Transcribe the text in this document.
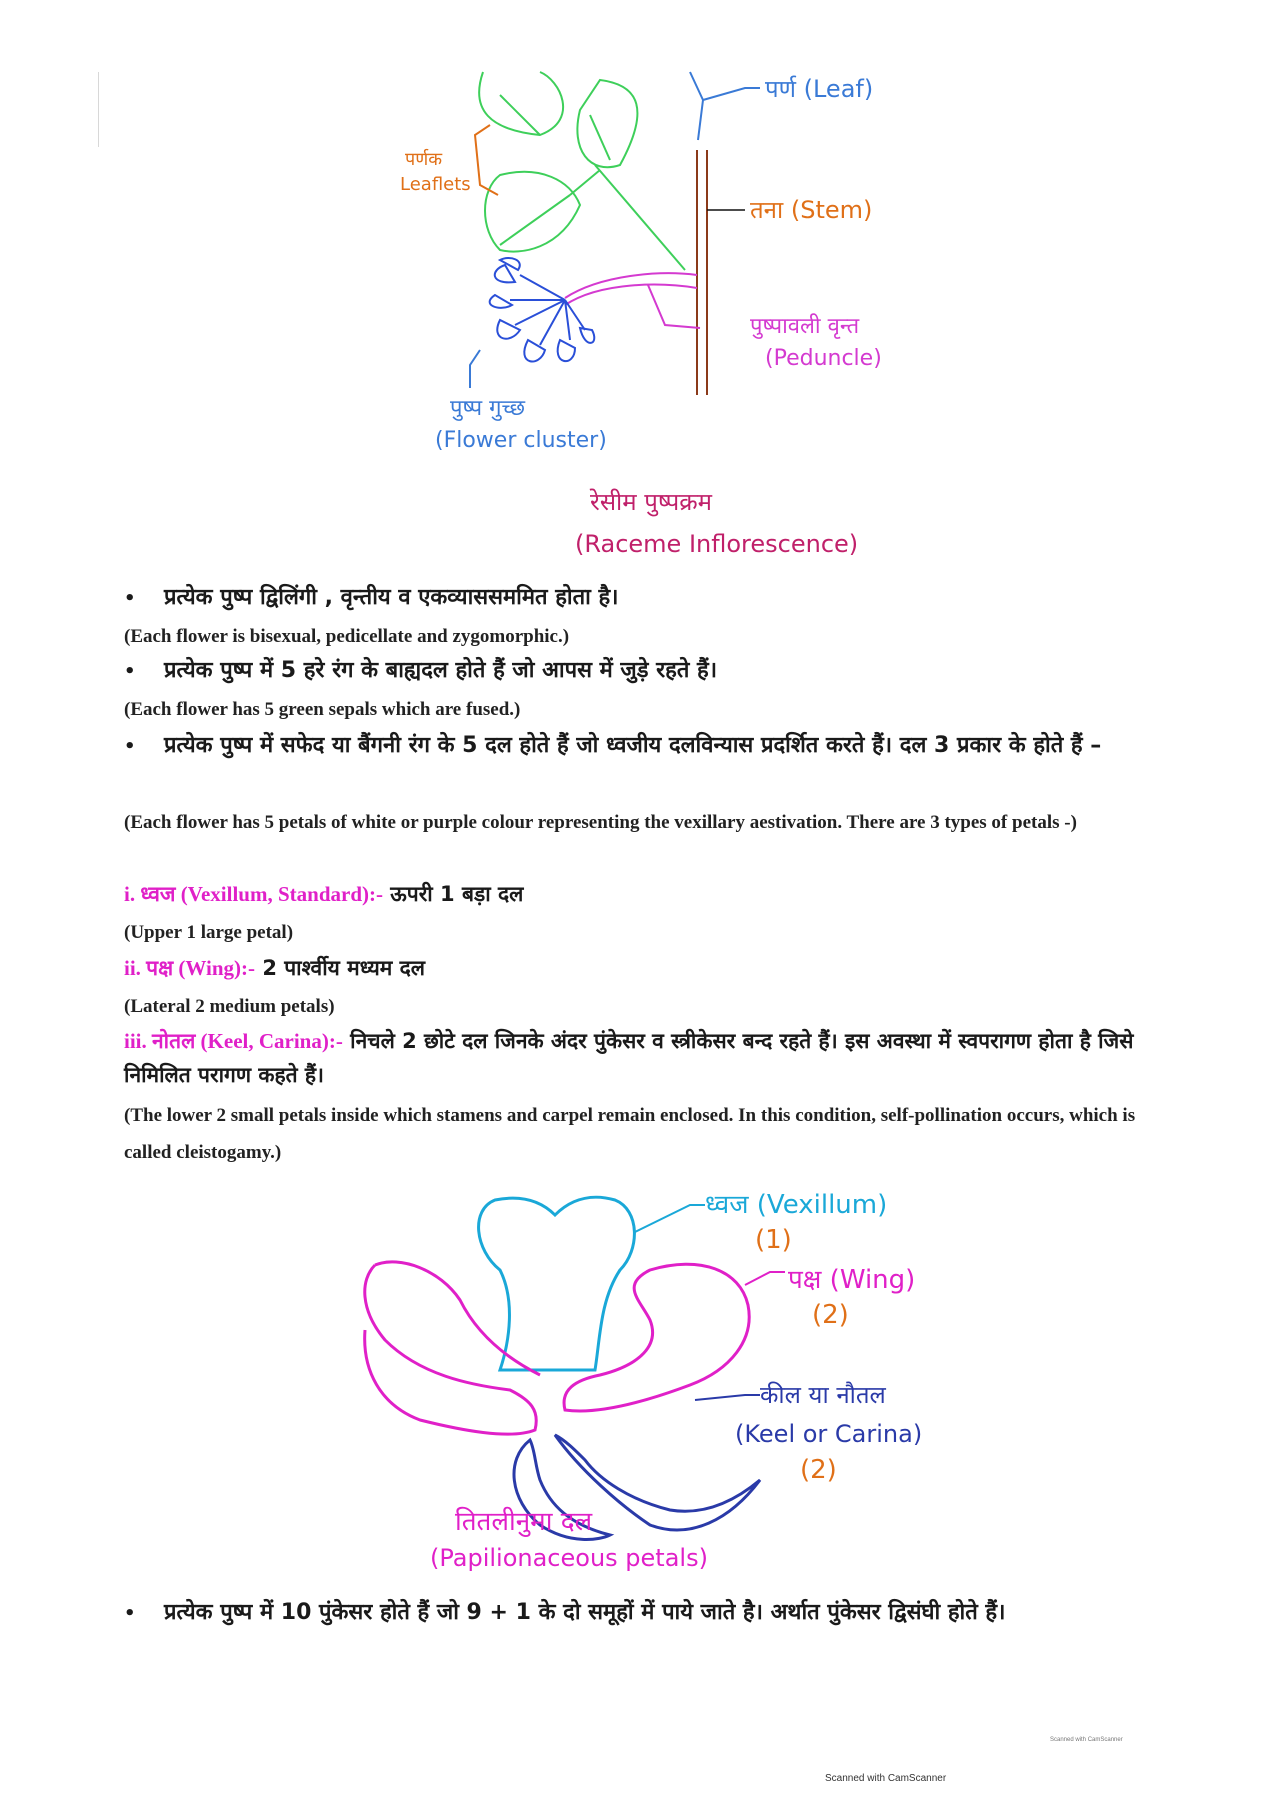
पर्ण (Leaf)
पर्णक
Leaflets
तना (Stem)
पुष्पावली वृन्त
(Peduncle)
पुष्प गुच्छ
(Flower cluster)
रेसीम पुष्पक्रम
(Raceme Inflorescence)
• प्रत्येक पुष्प द्विलिंगी , वृन्तीय व एकव्याससममित होता है।
(Each flower is bisexual, pedicellate and zygomorphic.)
• प्रत्येक पुष्प में 5 हरे रंग के बाह्यदल होते हैं जो आपस में जुड़े रहते हैं।
(Each flower has 5 green sepals which are fused.)
• प्रत्येक पुष्प में सफेद या बैंगनी रंग के 5 दल होते हैं जो ध्वजीय दलविन्यास प्रदर्शित करते हैं। दल 3 प्रकार के होते हैं –
(Each flower has 5 petals of white or purple colour representing the vexillary aestivation. There are 3 types of petals -)
i. ध्वज (Vexillum, Standard):- ऊपरी 1 बड़ा दल
(Upper 1 large petal)
ii. पक्ष (Wing):- 2 पार्श्वीय मध्यम दल
(Lateral 2 medium petals)
iii. नोतल (Keel, Carina):- निचले 2 छोटे दल जिनके अंदर पुंकेसर व स्त्रीकेसर बन्द रहते हैं। इस अवस्था में स्वपरागण होता है जिसे निमिलित परागण कहते हैं।
(The lower 2 small petals inside which stamens and carpel remain enclosed. In this condition, self-pollination occurs, which is called cleistogamy.)
ध्वज (Vexillum)
(1)
पक्ष (Wing)
(2)
कील या नौतल
(Keel or Carina)
(2)
तितलीनुमा दल
(Papilionaceous petals)
• प्रत्येक पुष्प में 10 पुंकेसर होते हैं जो 9 + 1 के दो समूहों में पाये जाते है। अर्थात पुंकेसर द्विसंघी होते हैं।
Scanned with CamScanner
Scanned with CamScanner
